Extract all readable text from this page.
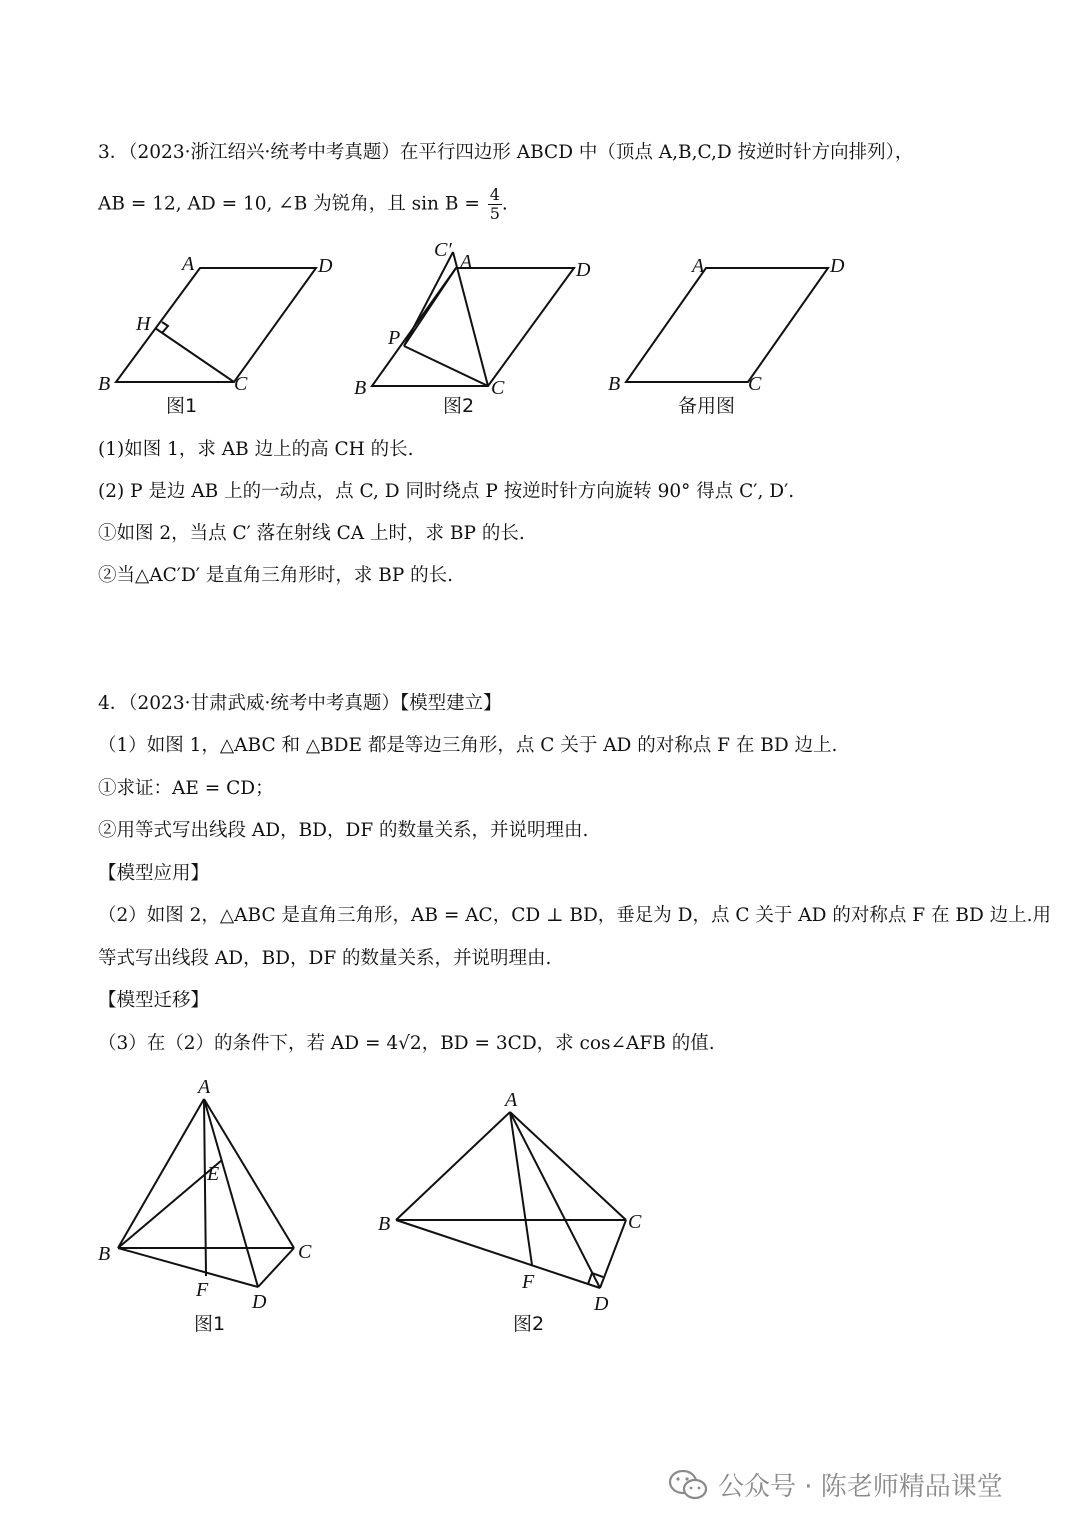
3．（2023·浙江绍兴·统考中考真题）在平行四边形 ABCD 中（顶点 A,B,C,D 按逆时针方向排列），
AB = 12, AD = 10, ∠B 为锐角，且 $\sin B = \frac{4}{5}$ .
A	D
H
B	C
图1
C′
A	D
P
B	C
图2
A	D
B	C
备用图
(1)如图 1，求 AB 边上的高 CH 的长.
(2) P 是边 AB 上的一动点，点 C, D 同时绕点 P 按逆时针方向旋转 90° 得点 C′, D′.
①如图 2，当点 C′ 落在射线 CA 上时，求 BP 的长.
②当△AC′D′ 是直角三角形时，求 BP 的长.
4．（2023·甘肃武威·统考中考真题）【模型建立】
（1）如图 1，△ABC 和 △BDE 都是等边三角形，点 C 关于 AD 的对称点 F 在 BD 边上.
①求证：AE = CD；
②用等式写出线段 AD，BD，DF 的数量关系，并说明理由.
【模型应用】
（2）如图 2，△ABC 是直角三角形，AB = AC，CD ⊥ BD，垂足为 D，点 C 关于 AD 的对称点 F 在 BD 边上.用
等式写出线段 AD，BD，DF 的数量关系，并说明理由.
【模型迁移】
（3）在（2）的条件下，若 AD = 4√2，BD = 3CD，求 cos∠AFB 的值.
A
E
B	C
F
D
图1
A
B	C
F
D
图2
公众号 · 陈老师精品课堂
